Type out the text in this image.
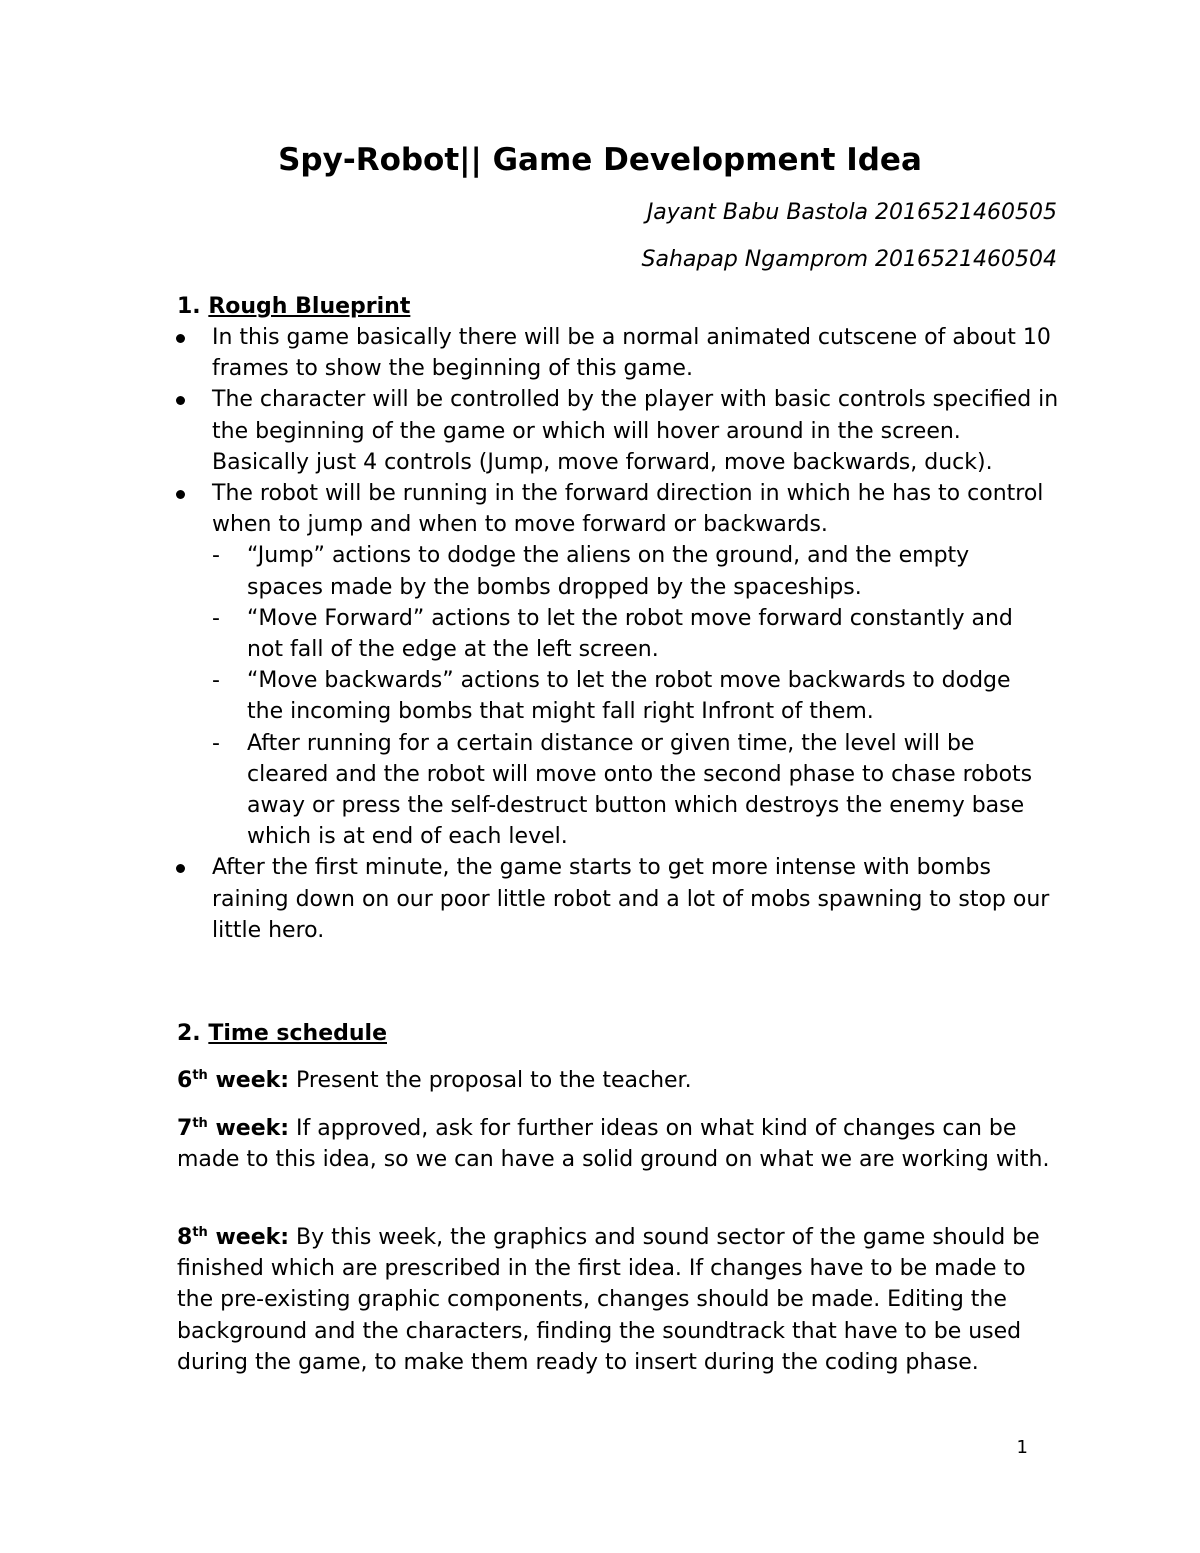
Spy-Robot|| Game Development Idea
Jayant Babu Bastola 2016521460505
Sahapap Ngamprom 2016521460504
1. Rough Blueprint
In this game basically there will be a normal animated cutscene of about 10 frames to show the beginning of this game.
The character will be controlled by the player with basic controls specified in the beginning of the game or which will hover around in the screen. Basically just 4 controls (Jump, move forward, move backwards, duck).
The robot will be running in the forward direction in which he has to control when to jump and when to move forward or backwards.
- “Jump” actions to dodge the aliens on the ground, and the empty spaces made by the bombs dropped by the spaceships.
- “Move Forward” actions to let the robot move forward constantly and not fall of the edge at the left screen.
- “Move backwards” actions to let the robot move backwards to dodge the incoming bombs that might fall right Infront of them.
- After running for a certain distance or given time, the level will be cleared and the robot will move onto the second phase to chase robots away or press the self-destruct button which destroys the enemy base which is at end of each level.
After the first minute, the game starts to get more intense with bombs raining down on our poor little robot and a lot of mobs spawning to stop our little hero.
2. Time schedule
6th week: Present the proposal to the teacher.
7th week: If approved, ask for further ideas on what kind of changes can be made to this idea, so we can have a solid ground on what we are working with.
8th week: By this week, the graphics and sound sector of the game should be finished which are prescribed in the first idea. If changes have to be made to the pre-existing graphic components, changes should be made. Editing the background and the characters, finding the soundtrack that have to be used during the game, to make them ready to insert during the coding phase.
1
